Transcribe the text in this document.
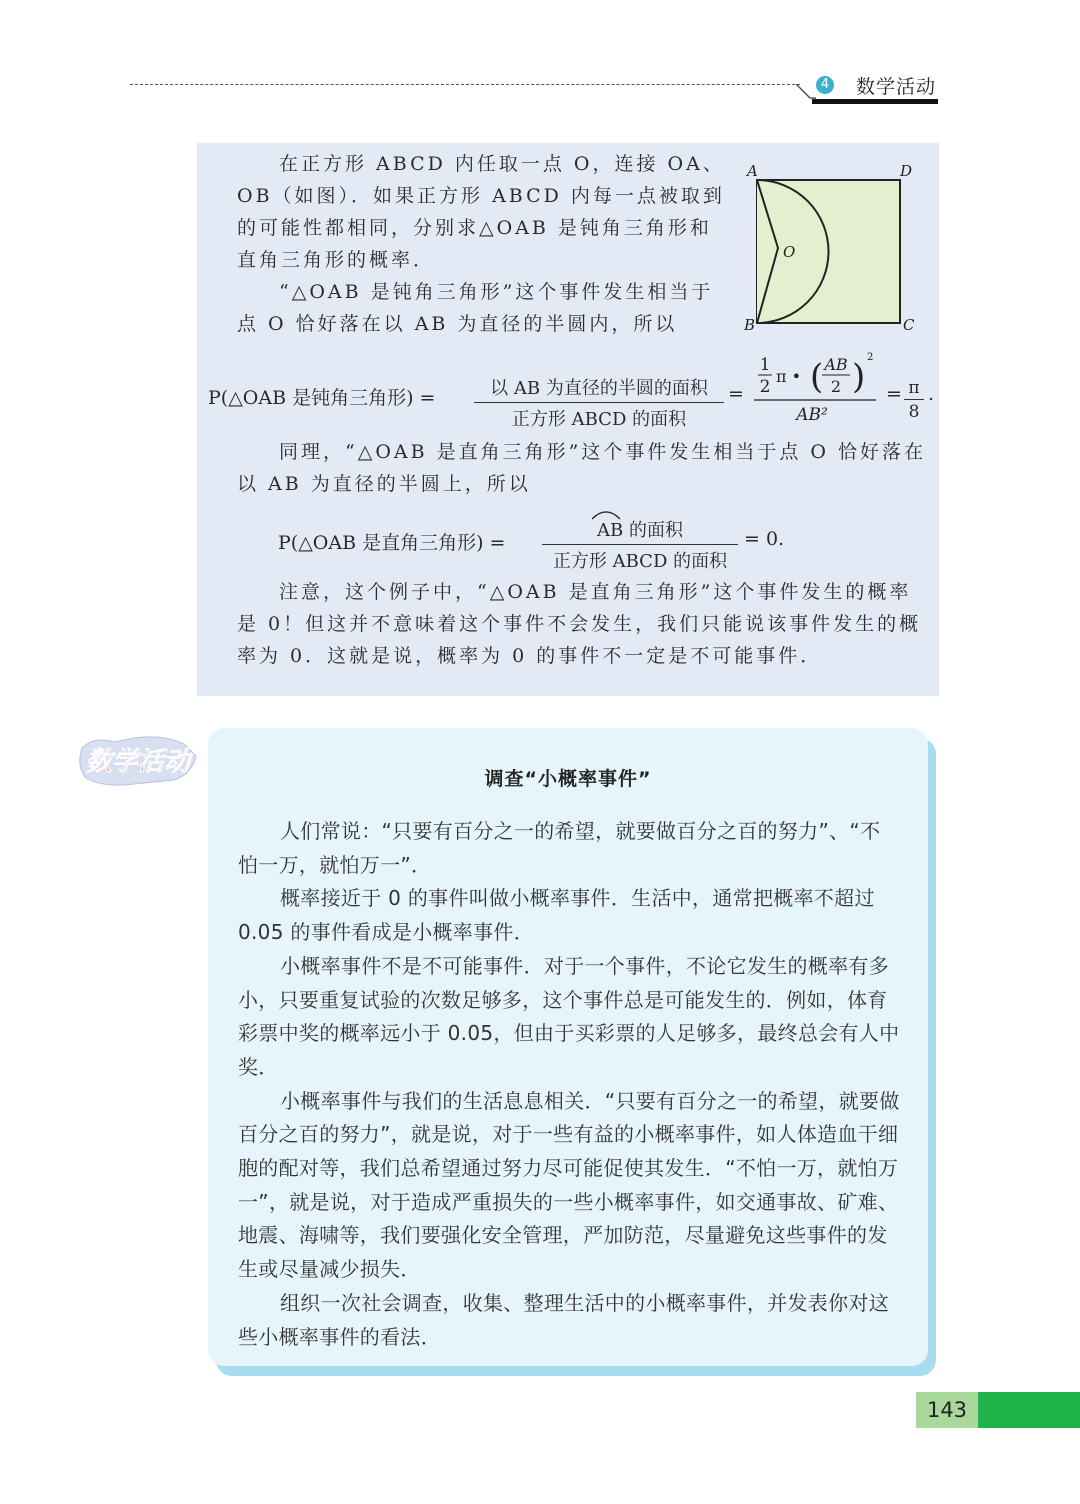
4 数学活动

在正方形 ABCD 内任取一点 O，连接 OA、OB（如图）．如果正方形 ABCD 内每一点被取到的可能性都相同，分别求△OAB 是钝角三角形和直角三角形的概率．

“△OAB 是钝角三角形”这个事件发生相当于点 O 恰好落在以 AB 为直径的半圆内，所以

A	D
B	C
O
P(△OAB 是钝角三角形) =	以 AB 为直径的半圆的面积
正方形 ABCD 的面积
=
1
2
π • ( AB
2 ) 2
AB²
= $\frac{\pi}{8}$ .

同理，“△OAB 是直角三角形”这个事件发生相当于点 O 恰好落在以 AB 为直径的半圆上，所以

P(△OAB 是直角三角形) =
AB 的面积
正方形 ABCD 的面积
= 0.

注意，这个例子中，“△OAB 是直角三角形”这个事件发生的概率是 0！但这并不意味着这个事件不会发生，我们只能说该事件发生的概率为 0．这就是说，概率为 0 的事件不一定是不可能事件．

数学活动
调查“小概率事件”

人们常说：“只要有百分之一的希望，就要做百分之百的努力”、“不怕一万，就怕万一”．

概率接近于 0 的事件叫做小概率事件．生活中，通常把概率不超过 0.05 的事件看成是小概率事件．

小概率事件不是不可能事件．对于一个事件，不论它发生的概率有多小，只要重复试验的次数足够多，这个事件总是可能发生的．例如，体育彩票中奖的概率远小于 0.05，但由于买彩票的人足够多，最终总会有人中奖．

小概率事件与我们的生活息息相关．“只要有百分之一的希望，就要做百分之百的努力”，就是说，对于一些有益的小概率事件，如人体造血干细胞的配对等，我们总希望通过努力尽可能促使其发生．“不怕一万，就怕万一”，就是说，对于造成严重损失的一些小概率事件，如交通事故、矿难、地震、海啸等，我们要强化安全管理，严加防范，尽量避免这些事件的发生或尽量减少损失．

组织一次社会调查，收集、整理生活中的小概率事件，并发表你对这些小概率事件的看法．

143
